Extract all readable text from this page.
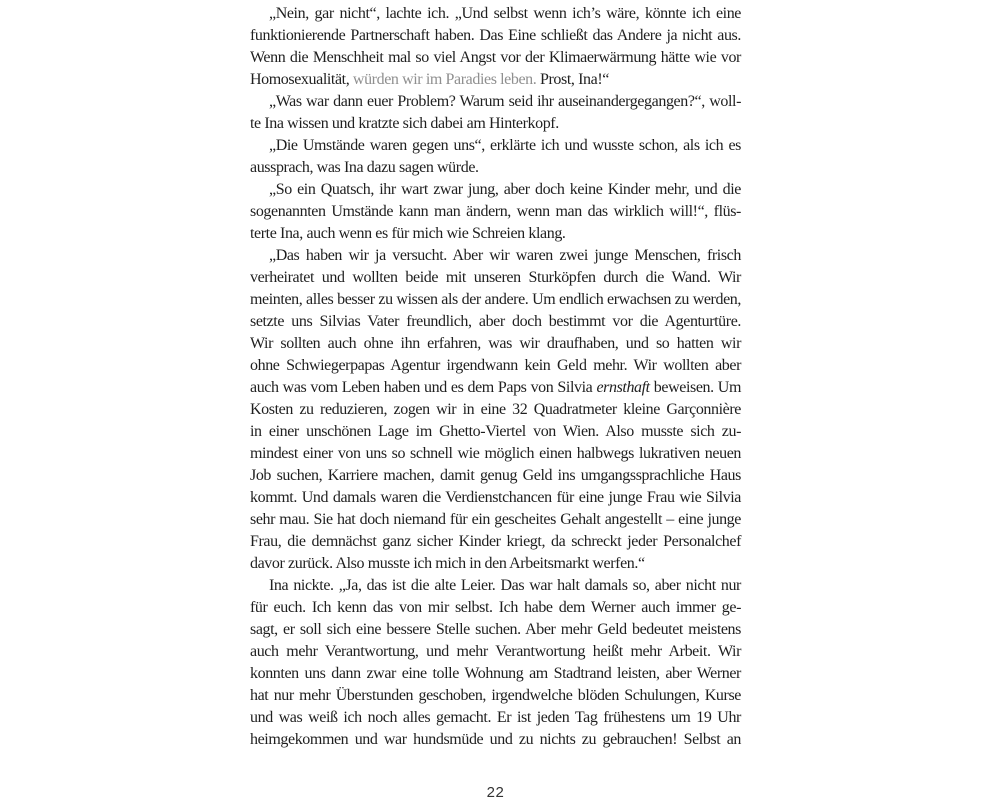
„Nein, gar nicht“, lachte ich. „Und selbst wenn ich’s wäre, könnte ich eine
funktionierende Partnerschaft haben. Das Eine schließt das Andere ja nicht aus.
Wenn die Menschheit mal so viel Angst vor der Klimaerwärmung hätte wie vor
Homosexualität, würden wir im Paradies leben. Prost, Ina!“
„Was war dann euer Problem? Warum seid ihr auseinandergegangen?“, woll-
te Ina wissen und kratzte sich dabei am Hinterkopf.
„Die Umstände waren gegen uns“, erklärte ich und wusste schon, als ich es
aussprach, was Ina dazu sagen würde.
„So ein Quatsch, ihr wart zwar jung, aber doch keine Kinder mehr, und die
sogenannten Umstände kann man ändern, wenn man das wirklich will!“, flüs-
terte Ina, auch wenn es für mich wie Schreien klang.
„Das haben wir ja versucht. Aber wir waren zwei junge Menschen, frisch
verheiratet und wollten beide mit unseren Sturköpfen durch die Wand. Wir
meinten, alles besser zu wissen als der andere. Um endlich erwachsen zu werden,
setzte uns Silvias Vater freundlich, aber doch bestimmt vor die Agenturtüre.
Wir sollten auch ohne ihn erfahren, was wir draufhaben, und so hatten wir
ohne Schwiegerpapas Agentur irgendwann kein Geld mehr. Wir wollten aber
auch was vom Leben haben und es dem Paps von Silvia ernsthaft beweisen. Um
Kosten zu reduzieren, zogen wir in eine 32 Quadratmeter kleine Garçonnière
in einer unschönen Lage im Ghetto-Viertel von Wien. Also musste sich zu-
mindest einer von uns so schnell wie möglich einen halbwegs lukrativen neuen
Job suchen, Karriere machen, damit genug Geld ins umgangssprachliche Haus
kommt. Und damals waren die Verdienstchancen für eine junge Frau wie Silvia
sehr mau. Sie hat doch niemand für ein gescheites Gehalt angestellt – eine junge
Frau, die demnächst ganz sicher Kinder kriegt, da schreckt jeder Personalchef
davor zurück. Also musste ich mich in den Arbeitsmarkt werfen.“
Ina nickte. „Ja, das ist die alte Leier. Das war halt damals so, aber nicht nur
für euch. Ich kenn das von mir selbst. Ich habe dem Werner auch immer ge-
sagt, er soll sich eine bessere Stelle suchen. Aber mehr Geld bedeutet meistens
auch mehr Verantwortung, und mehr Verantwortung heißt mehr Arbeit. Wir
konnten uns dann zwar eine tolle Wohnung am Stadtrand leisten, aber Werner
hat nur mehr Überstunden geschoben, irgendwelche blöden Schulungen, Kurse
und was weiß ich noch alles gemacht. Er ist jeden Tag frühestens um 19 Uhr
heimgekommen und war hundsmüde und zu nichts zu gebrauchen! Selbst an
22
